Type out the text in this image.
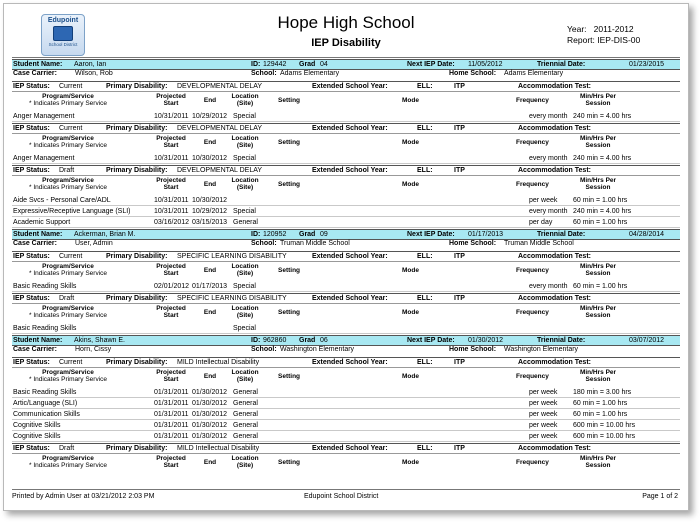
Edupoint
School District
Hope High School
IEP Disability
Year: 2011-2012
Report: IEP-DIS-00
Student Name: Aaron, Ian	ID: 129442 Grad 04	Next IEP Date: 11/05/2012	Triennial Date:	01/23/2015
Case Carrier:	Wilson, Rob	School: Adams Elementary	Home School: Adams Elementary
IEP Status: Current	Primary Disability: DEVELOPMENTAL DELAY	Extended School Year:	ELL:	ITP	Accommodation Test:
Program/Service
* Indicates Primary Service
Projected
Start	End
Location
(Site)	Setting	Mode	Frequency
Min/Hrs Per
Session
Anger Management	10/31/2011 10/29/2012 Special	every month 240 min = 4.00 hrs
IEP Status: Current	Primary Disability: DEVELOPMENTAL DELAY	Extended School Year:	ELL:	ITP	Accommodation Test:
Program/Service
* Indicates Primary Service
Projected
Start	End
Location
(Site)	Setting	Mode	Frequency
Min/Hrs Per
Session
Anger Management	10/31/2011 10/30/2012 Special	every month 240 min = 4.00 hrs
IEP Status: Draft	Primary Disability: DEVELOPMENTAL DELAY	Extended School Year:	ELL:	ITP	Accommodation Test:
Program/Service
* Indicates Primary Service
Projected
Start	End
Location
(Site)	Setting	Mode	Frequency
Min/Hrs Per
Session
Aide Svcs - Personal Care/ADL	10/31/2011 10/30/2012	per week 60 min = 1.00 hrs
Expressive/Receptive Language (SLI)	10/31/2011 10/29/2012 Special	every month 240 min = 4.00 hrs
Academic Support	03/16/2012 03/15/2013 General	per day	60 min = 1.00 hrs
Student Name: Ackerman, Brian M.	ID: 120952 Grad 09	Next IEP Date: 01/17/2013	Triennial Date:	04/28/2014
Case Carrier:	User, Admin	School: Truman Middle School	Home School: Truman Middle School
IEP Status: Current	Primary Disability: SPECIFIC LEARNING DISABILITY	Extended School Year:	ELL:	ITP	Accommodation Test:
Program/Service
* Indicates Primary Service
Projected
Start	End
Location
(Site)	Setting	Mode	Frequency
Min/Hrs Per
Session
Basic Reading Skills	02/01/2012 01/17/2013 Special	every month 60 min = 1.00 hrs
IEP Status: Draft	Primary Disability: SPECIFIC LEARNING DISABILITY	Extended School Year:	ELL:	ITP	Accommodation Test:
Program/Service
* Indicates Primary Service
Projected
Start	End
Location
(Site)	Setting	Mode	Frequency
Min/Hrs Per
Session
Basic Reading Skills	Special
Student Name: Akins, Shawn E.	ID: 962860 Grad 06	Next IEP Date: 01/30/2012	Triennial Date:	03/07/2012
Case Carrier:	Horn, Cissy	School: Washington Elementary	Home School: Washington Elementary
IEP Status: Current	Primary Disability: MILD Intellectual Disability	Extended School Year:	ELL:	ITP	Accommodation Test:
Program/Service
* Indicates Primary Service
Projected
Start	End
Location
(Site)	Setting	Mode	Frequency
Min/Hrs Per
Session
Basic Reading Skills	01/31/2011 01/30/2012 General	per week 180 min = 3.00 hrs
Artic/Language (SLI)	01/31/2011 01/30/2012 General	per week 60 min = 1.00 hrs
Communication Skills	01/31/2011 01/30/2012 General	per week 60 min = 1.00 hrs
Cognitive Skills	01/31/2011 01/30/2012 General	per week 600 min = 10.00 hrs
Cognitive Skills	01/31/2011 01/30/2012 General	per week 600 min = 10.00 hrs
IEP Status: Draft	Primary Disability: MILD Intellectual Disability	Extended School Year:	ELL:	ITP	Accommodation Test:
Program/Service
* Indicates Primary Service
Projected
Start	End
Location
(Site)	Setting	Mode	Frequency
Min/Hrs Per
Session
Printed by Admin User at 03/21/2012 2:03 PM	Edupoint School District	Page 1 of 2
